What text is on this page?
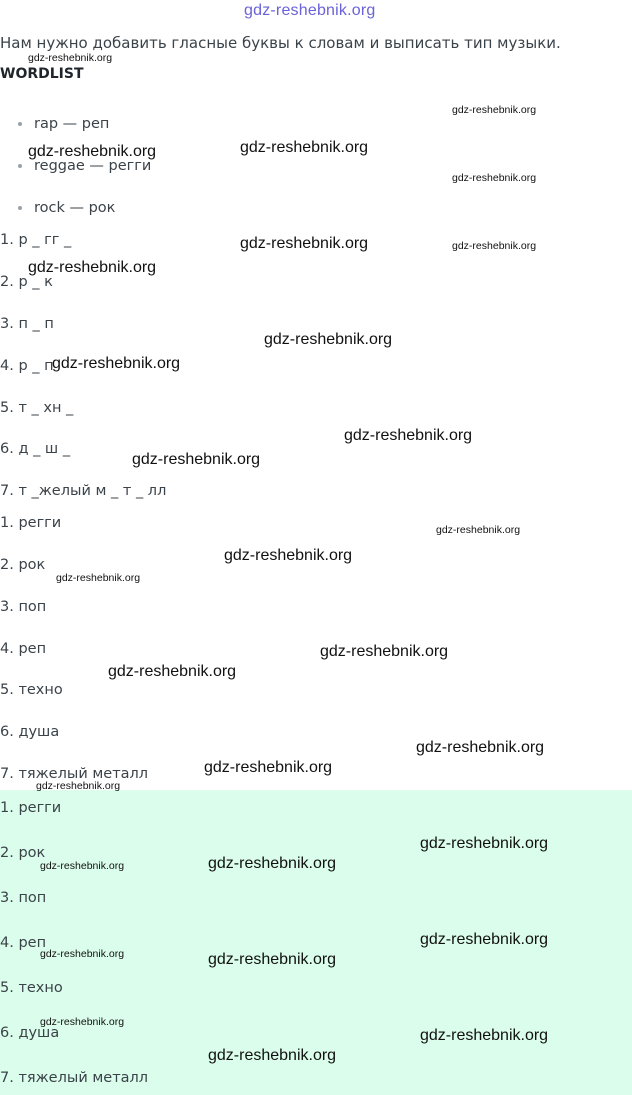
gdz-reshebnik.org
Нам нужно добавить гласные буквы к словам и выписать тип музыки.
WORDLIST
rap — реп
reggae — регги
rock — рок
1. р _ гг _
2. р _ к
3. п _ п
4. р _ п
5. т _ хн _
6. д _ ш _
7. т _желый м _ т _ лл
1. регги
2. рок
3. поп
4. реп
5. техно
6. душа
7. тяжелый металл
1. регги
2. рок
3. поп
4. реп
5. техно
6. душа
7. тяжелый металл
gdz-reshebnik.org
gdz-reshebnik.org
gdz-reshebnik.org	gdz-reshebnik.org
gdz-reshebnik.org
gdz-reshebnik.org	gdz-reshebnik.org
gdz-reshebnik.org
gdz-reshebnik.org
gdz-reshebnik.org
gdz-reshebnik.org
gdz-reshebnik.org
gdz-reshebnik.org
gdz-reshebnik.org
gdz-reshebnik.org
gdz-reshebnik.org
gdz-reshebnik.org
gdz-reshebnik.org
gdz-reshebnik.org
gdz-reshebnik.org
gdz-reshebnik.org
gdz-reshebnik.org
gdz-reshebnik.org
gdz-reshebnik.org
gdz-reshebnik.org	gdz-reshebnik.org
gdz-reshebnik.org
gdz-reshebnik.org
gdz-reshebnik.org
